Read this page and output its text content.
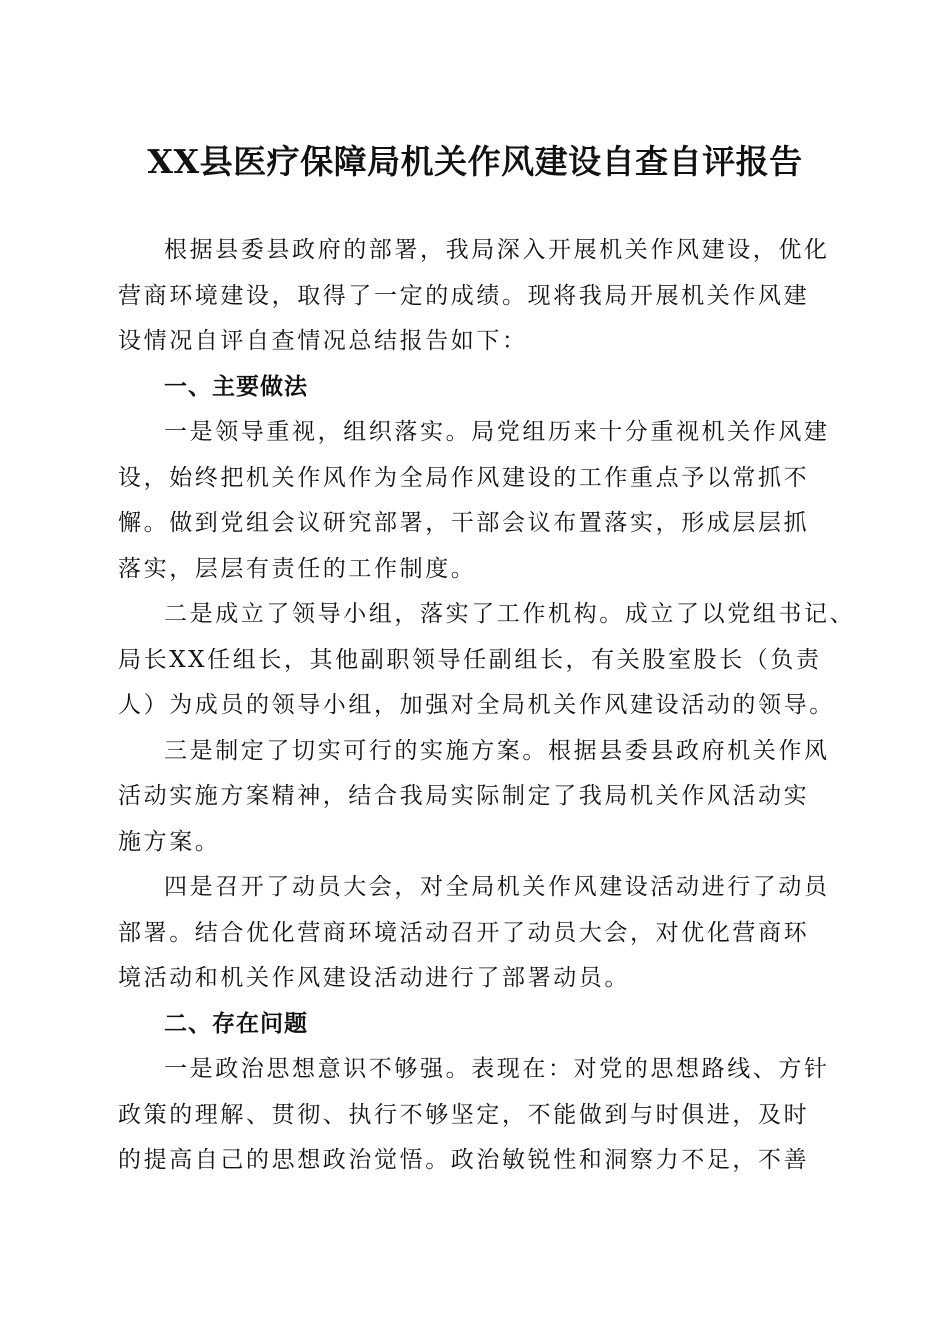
XX县医疗保障局机关作风建设自查自评报告

根据县委县政府的部署，我局深入开展机关作风建设，优化
营商环境建设，取得了一定的成绩。现将我局开展机关作风建
设情况自评自查情况总结报告如下：

一、主要做法

一是领导重视，组织落实。局党组历来十分重视机关作风建
设，始终把机关作风作为全局作风建设的工作重点予以常抓不
懈。做到党组会议研究部署，干部会议布置落实，形成层层抓
落实，层层有责任的工作制度。

二是成立了领导小组，落实了工作机构。成立了以党组书记、
局长XX任组长，其他副职领导任副组长，有关股室股长（负责
人）为成员的领导小组，加强对全局机关作风建设活动的领导。

三是制定了切实可行的实施方案。根据县委县政府机关作风
活动实施方案精神，结合我局实际制定了我局机关作风活动实
施方案。

四是召开了动员大会，对全局机关作风建设活动进行了动员
部署。结合优化营商环境活动召开了动员大会，对优化营商环
境活动和机关作风建设活动进行了部署动员。

二、存在问题

一是政治思想意识不够强。表现在：对党的思想路线、方针
政策的理解、贯彻、执行不够坚定，不能做到与时俱进，及时
的提高自己的思想政治觉悟。政治敏锐性和洞察力不足，不善
